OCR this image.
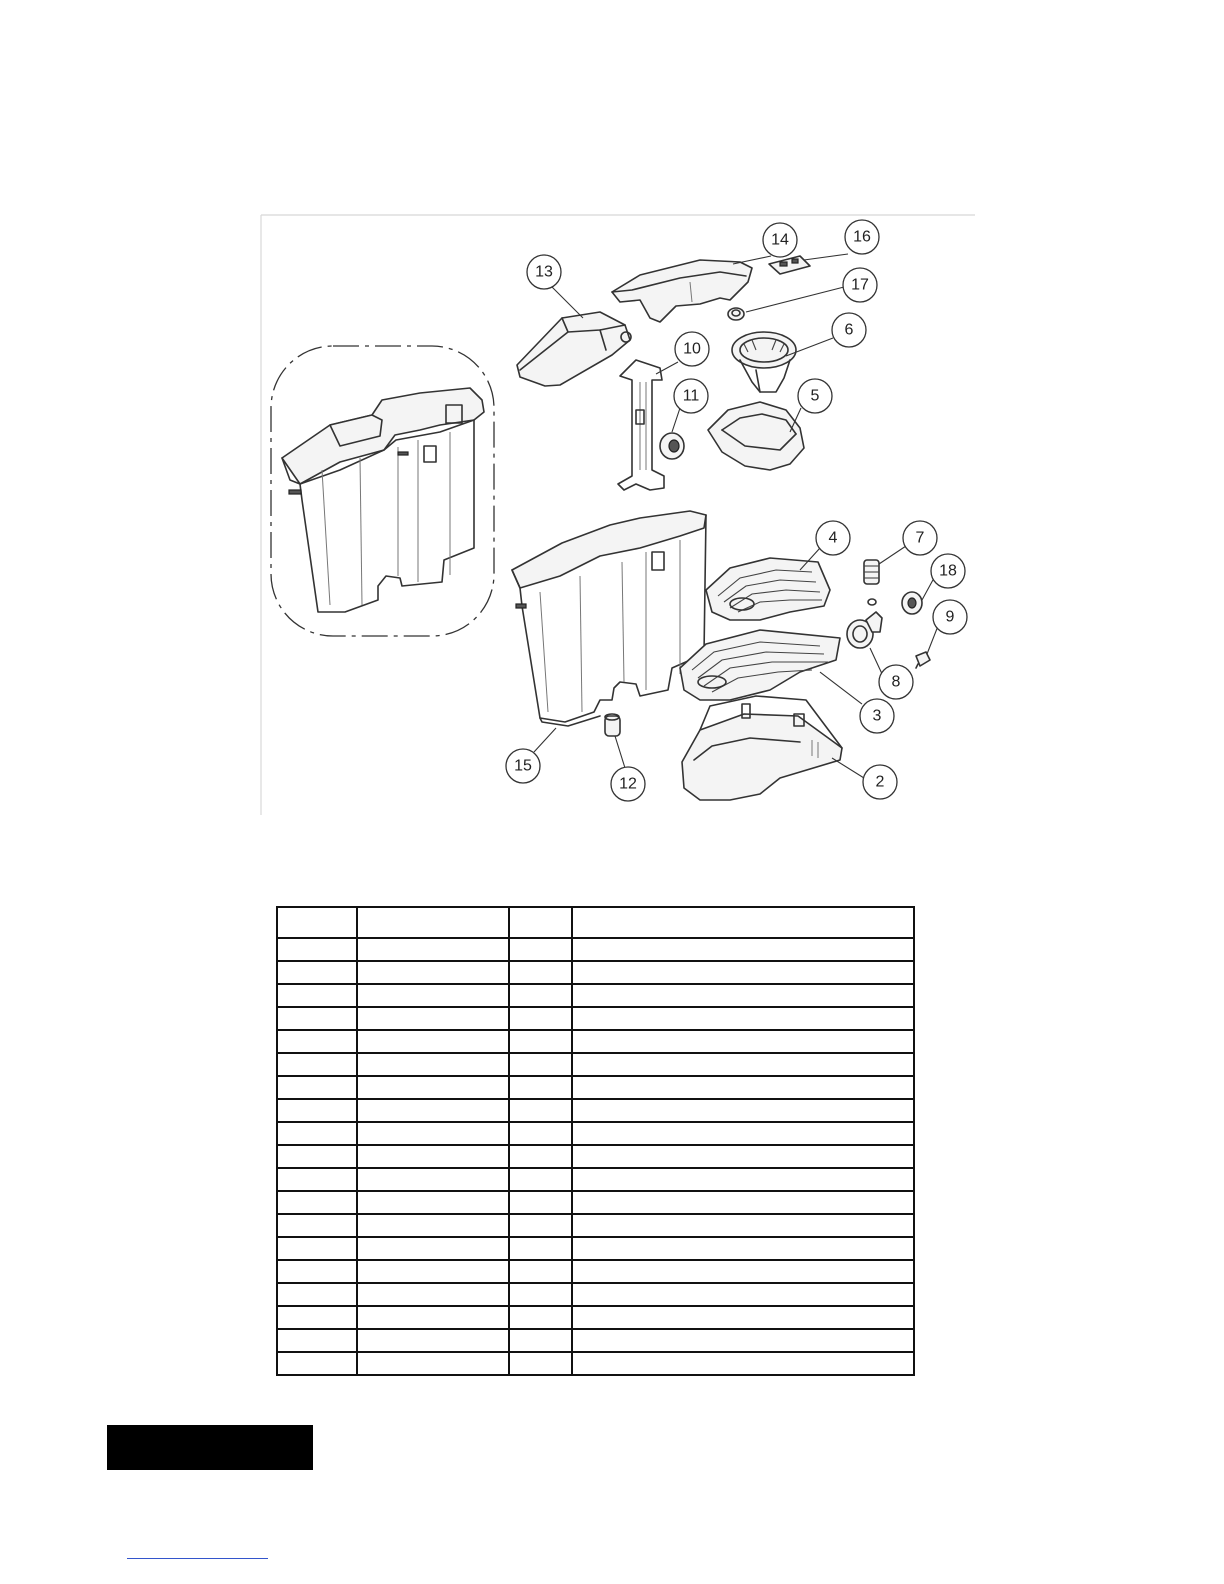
2
3
4
5
6
7
8
9
10
11
12
13
14
15
16
17
18
